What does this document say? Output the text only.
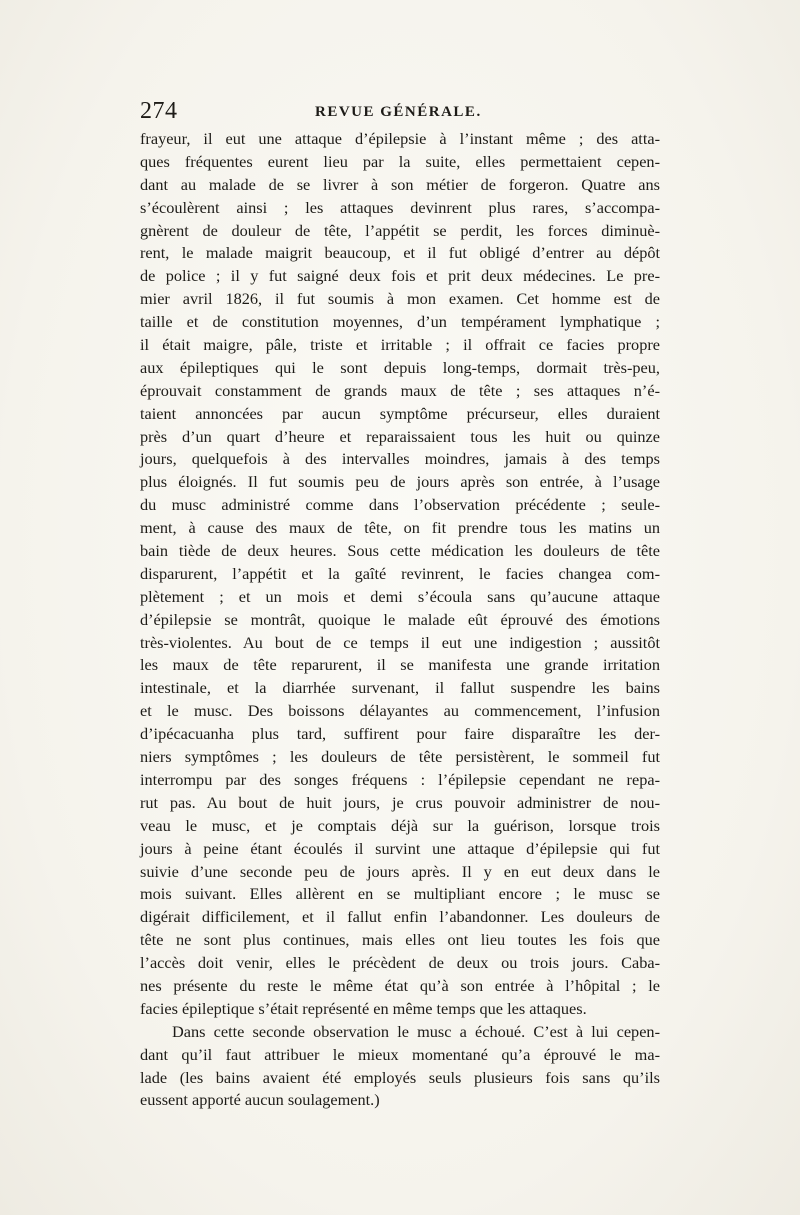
274	REVUE GÉNÉRALE.
frayeur, il eut une attaque d’épilepsie à l’instant même ; des atta-
ques fréquentes eurent lieu par la suite, elles permettaient cepen-
dant au malade de se livrer à son métier de forgeron. Quatre ans
s’écoulèrent ainsi ; les attaques devinrent plus rares, s’accompa-
gnèrent de douleur de tête, l’appétit se perdit, les forces diminuè-
rent, le malade maigrit beaucoup, et il fut obligé d’entrer au dépôt
de police ; il y fut saigné deux fois et prit deux médecines. Le pre-
mier avril 1826, il fut soumis à mon examen. Cet homme est de
taille et de constitution moyennes, d’un tempérament lymphatique ;
il était maigre, pâle, triste et irritable ; il offrait ce facies propre
aux épileptiques qui le sont depuis long-temps, dormait très-peu,
éprouvait constamment de grands maux de tête ; ses attaques n’é-
taient annoncées par aucun symptôme précurseur, elles duraient
près d’un quart d’heure et reparaissaient tous les huit ou quinze
jours, quelquefois à des intervalles moindres, jamais à des temps
plus éloignés. Il fut soumis peu de jours après son entrée, à l’usage
du musc administré comme dans l’observation précédente ; seule-
ment, à cause des maux de tête, on fit prendre tous les matins un
bain tiède de deux heures. Sous cette médication les douleurs de tête
disparurent, l’appétit et la gaîté revinrent, le facies changea com-
plètement ; et un mois et demi s’écoula sans qu’aucune attaque
d’épilepsie se montrât, quoique le malade eût éprouvé des émotions
très-violentes. Au bout de ce temps il eut une indigestion ; aussitôt
les maux de tête reparurent, il se manifesta une grande irritation
intestinale, et la diarrhée survenant, il fallut suspendre les bains
et le musc. Des boissons délayantes au commencement, l’infusion
d’ipécacuanha plus tard, suffirent pour faire disparaître les der-
niers symptômes ; les douleurs de tête persistèrent, le sommeil fut
interrompu par des songes fréquens : l’épilepsie cependant ne repa-
rut pas. Au bout de huit jours, je crus pouvoir administrer de nou-
veau le musc, et je comptais déjà sur la guérison, lorsque trois
jours à peine étant écoulés il survint une attaque d’épilepsie qui fut
suivie d’une seconde peu de jours après. Il y en eut deux dans le
mois suivant. Elles allèrent en se multipliant encore ; le musc se
digérait difficilement, et il fallut enfin l’abandonner. Les douleurs de
tête ne sont plus continues, mais elles ont lieu toutes les fois que
l’accès doit venir, elles le précèdent de deux ou trois jours. Caba-
nes présente du reste le même état qu’à son entrée à l’hôpital ; le
facies épileptique s’était représenté en même temps que les attaques.
Dans cette seconde observation le musc a échoué. C’est à lui cepen-
dant qu’il faut attribuer le mieux momentané qu’a éprouvé le ma-
lade (les bains avaient été employés seuls plusieurs fois sans qu’ils
eussent apporté aucun soulagement.)
